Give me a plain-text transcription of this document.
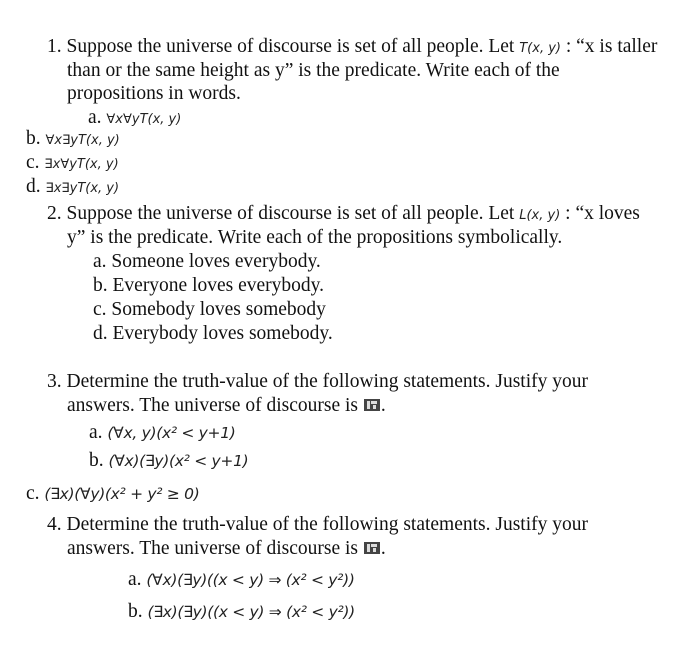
1. Suppose the universe of discourse is set of all people. Let T(x, y) : “x is taller
than or the same height as y” is the predicate. Write each of the
propositions in words.
a. ∀x∀yT(x, y)
b. ∀x∃yT(x, y)
c. ∃x∀yT(x, y)
d. ∃x∃yT(x, y)
2. Suppose the universe of discourse is set of all people. Let L(x, y) : “x loves
y” is the predicate. Write each of the propositions symbolically.
a. Someone loves everybody.
b. Everyone loves everybody.
c. Somebody loves somebody
d. Everybody loves somebody.
3. Determine the truth-value of the following statements. Justify your
answers. The universe of discourse is .
a. (∀x, y)(x² < y+1)
b. (∀x)(∃y)(x² < y+1)
c. (∃x)(∀y)(x² + y² ≥ 0)
4. Determine the truth-value of the following statements. Justify your
answers. The universe of discourse is .
a. (∀x)(∃y)((x < y) ⇒ (x² < y²))
b. (∃x)(∃y)((x < y) ⇒ (x² < y²))
